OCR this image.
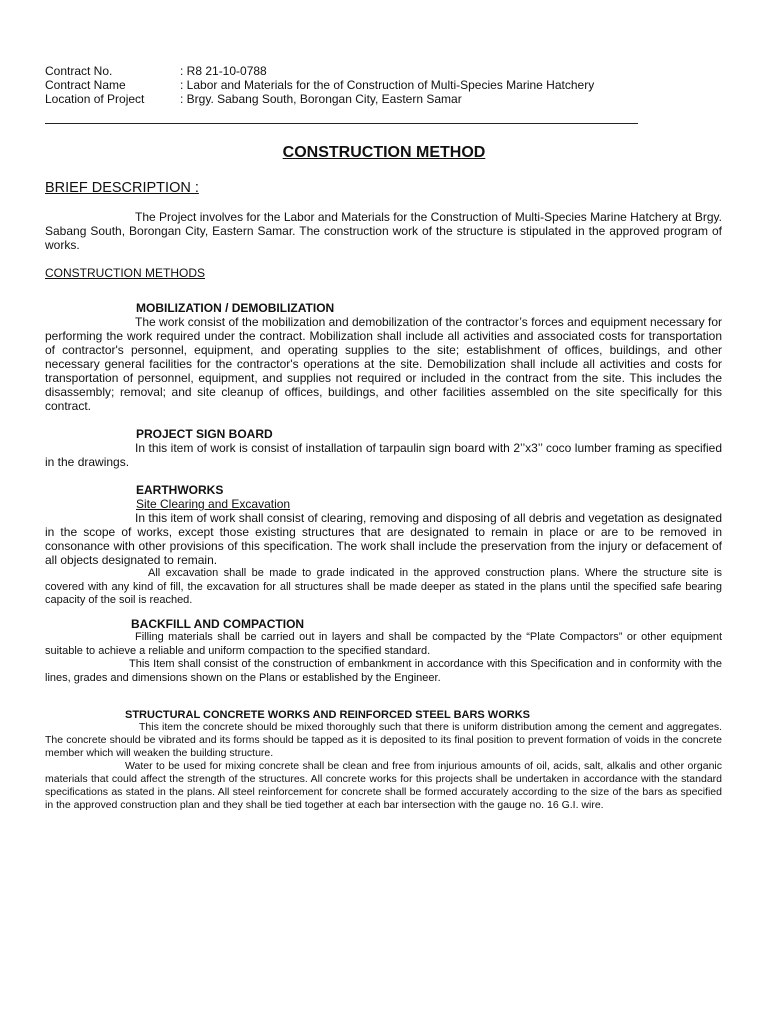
Contract No.	: R8 21-10-0788
Contract Name	: Labor and Materials for the of Construction of Multi-Species Marine Hatchery
Location of Project	: Brgy. Sabang South, Borongan City, Eastern Samar
CONSTRUCTION METHOD
BRIEF DESCRIPTION :

The Project involves for the Labor and Materials for the Construction of Multi-Species Marine Hatchery at Brgy. Sabang South, Borongan City, Eastern Samar. The construction work of the structure is stipulated in the approved program of works.

CONSTRUCTION METHODS
MOBILIZATION / DEMOBILIZATION

The work consist of the mobilization and demobilization of the contractor’s forces and equipment necessary for performing the work required under the contract. Mobilization shall include all activities and associated costs for transportation of contractor's personnel, equipment, and operating supplies to the site; establishment of offices, buildings, and other necessary general facilities for the contractor's operations at the site. Demobilization shall include all activities and costs for transportation of personnel, equipment, and supplies not required or included in the contract from the site. This includes the disassembly; removal; and site cleanup of offices, buildings, and other facilities assembled on the site specifically for this contract.

PROJECT SIGN BOARD

In this item of work is consist of installation of tarpaulin sign board with 2’’x3’’ coco lumber framing as specified in the drawings.

EARTHWORKS
Site Clearing and Excavation

In this item of work shall consist of clearing, removing and disposing of all debris and vegetation as designated in the scope of works, except those existing structures that are designated to remain in place or are to be removed in consonance with other provisions of this specification. The work shall include the preservation from the injury or defacement of all objects designated to remain.

All excavation shall be made to grade indicated in the approved construction plans. Where the structure site is covered with any kind of fill, the excavation for all structures shall be made deeper as stated in the plans until the specified safe bearing capacity of the soil is reached.

BACKFILL AND COMPACTION

Filling materials shall be carried out in layers and shall be compacted by the “Plate Compactors” or other equipment suitable to achieve a reliable and uniform compaction to the specified standard.

This Item shall consist of the construction of embankment in accordance with this Specification and in conformity with the lines, grades and dimensions shown on the Plans or established by the Engineer.

STRUCTURAL CONCRETE WORKS AND REINFORCED STEEL BARS WORKS

This item the concrete should be mixed thoroughly such that there is uniform distribution among the cement and aggregates. The concrete should be vibrated and its forms should be tapped as it is deposited to its final position to prevent formation of voids in the concrete member which will weaken the building structure.

Water to be used for mixing concrete shall be clean and free from injurious amounts of oil, acids, salt, alkalis and other organic materials that could affect the strength of the structures. All concrete works for this projects shall be undertaken in accordance with the standard specifications as stated in the plans. All steel reinforcement for concrete shall be formed accurately according to the size of the bars as specified in the approved construction plan and they shall be tied together at each bar intersection with the gauge no. 16 G.I. wire.
